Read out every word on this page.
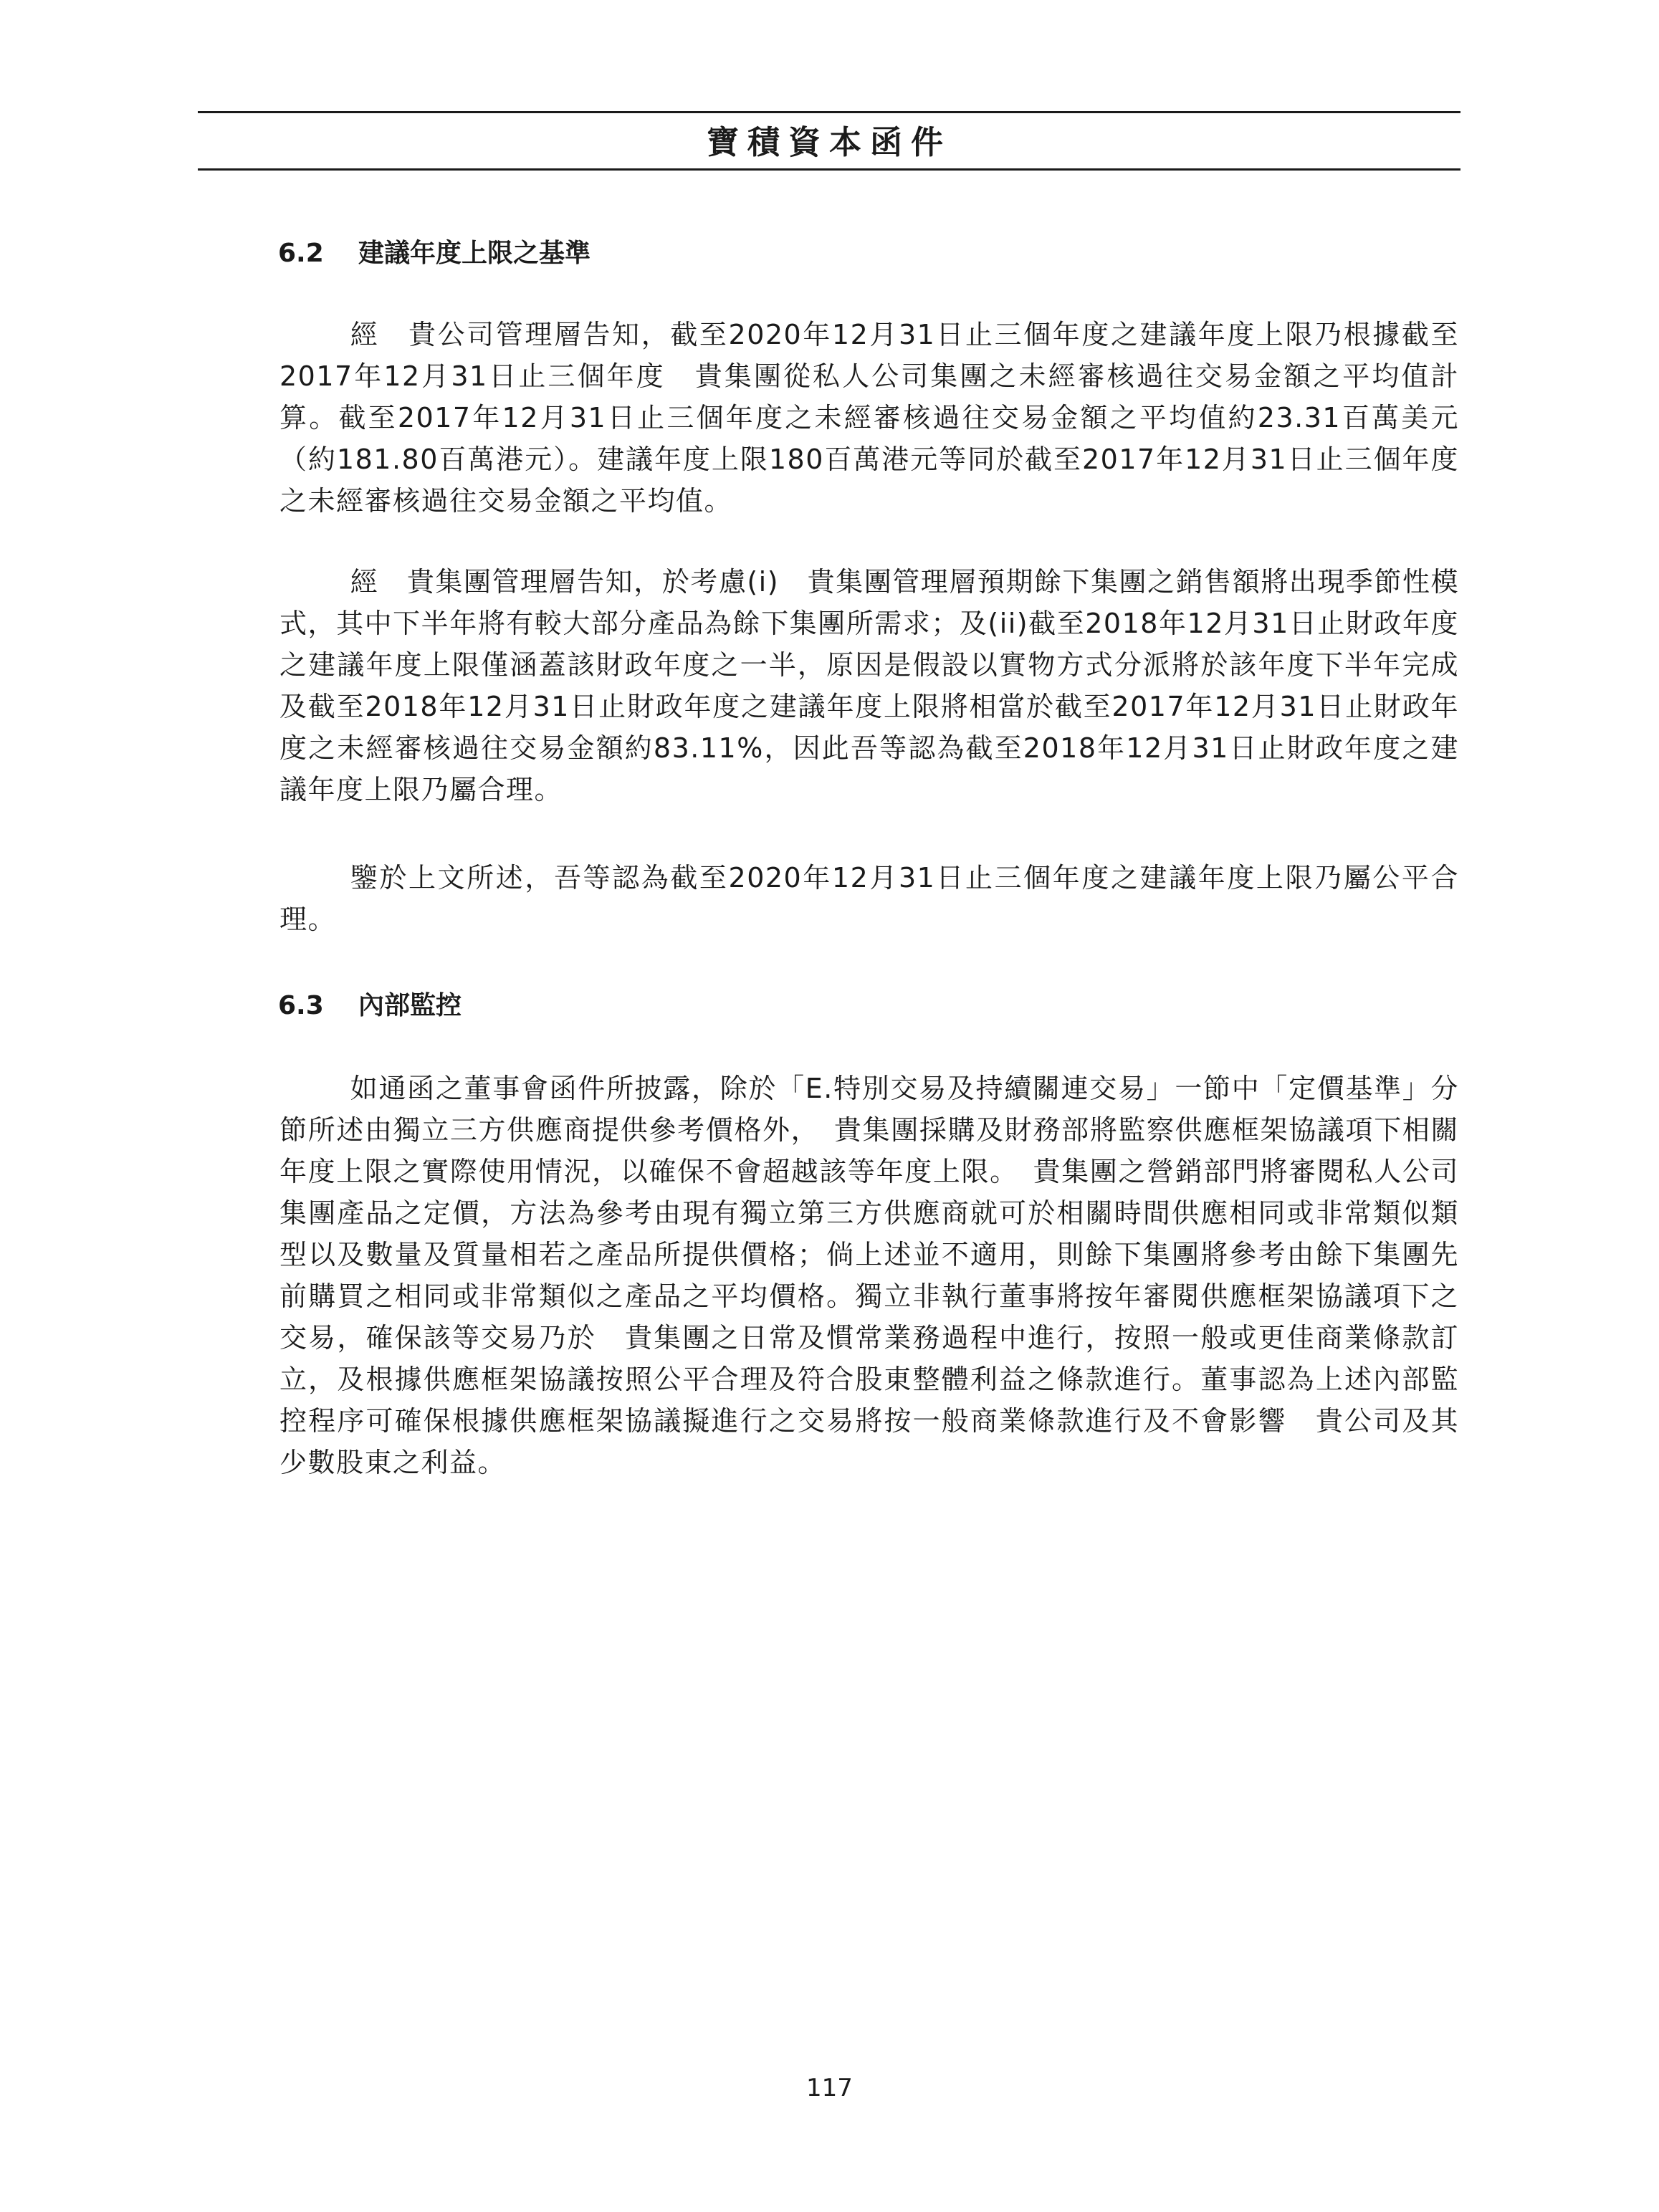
寶積資本函件
6.2 建議年度上限之基準

經　貴公司管理層告知，截至2020年12月31日止三個年度之建議年度上限乃根據截至2017年12月31日止三個年度　貴集團從私人公司集團之未經審核過往交易金額之平均值計算。截至2017年12月31日止三個年度之未經審核過往交易金額之平均值約23.31百萬美元（約181.80百萬港元）。建議年度上限180百萬港元等同於截至2017年12月31日止三個年度之未經審核過往交易金額之平均值。

經　貴集團管理層告知，於考慮(i)　貴集團管理層預期餘下集團之銷售額將出現季節性模式，其中下半年將有較大部分產品為餘下集團所需求；及(ii)截至2018年12月31日止財政年度之建議年度上限僅涵蓋該財政年度之一半，原因是假設以實物方式分派將於該年度下半年完成及截至2018年12月31日止財政年度之建議年度上限將相當於截至2017年12月31日止財政年度之未經審核過往交易金額約83.11%，因此吾等認為截至2018年12月31日止財政年度之建議年度上限乃屬合理。

鑒於上文所述，吾等認為截至2020年12月31日止三個年度之建議年度上限乃屬公平合理。

6.3 內部監控

如通函之董事會函件所披露，除於「E.特別交易及持續關連交易」一節中「定價基準」分節所述由獨立三方供應商提供參考價格外，　貴集團採購及財務部將監察供應框架協議項下相關年度上限之實際使用情況，以確保不會超越該等年度上限。　貴集團之營銷部門將審閱私人公司集團產品之定價，方法為參考由現有獨立第三方供應商就可於相關時間供應相同或非常類似類型以及數量及質量相若之產品所提供價格；倘上述並不適用，則餘下集團將參考由餘下集團先前購買之相同或非常類似之產品之平均價格。獨立非執行董事將按年審閱供應框架協議項下之交易，確保該等交易乃於　貴集團之日常及慣常業務過程中進行，按照一般或更佳商業條款訂立，及根據供應框架協議按照公平合理及符合股東整體利益之條款進行。董事認為上述內部監控程序可確保根據供應框架協議擬進行之交易將按一般商業條款進行及不會影響　貴公司及其少數股東之利益。

117
